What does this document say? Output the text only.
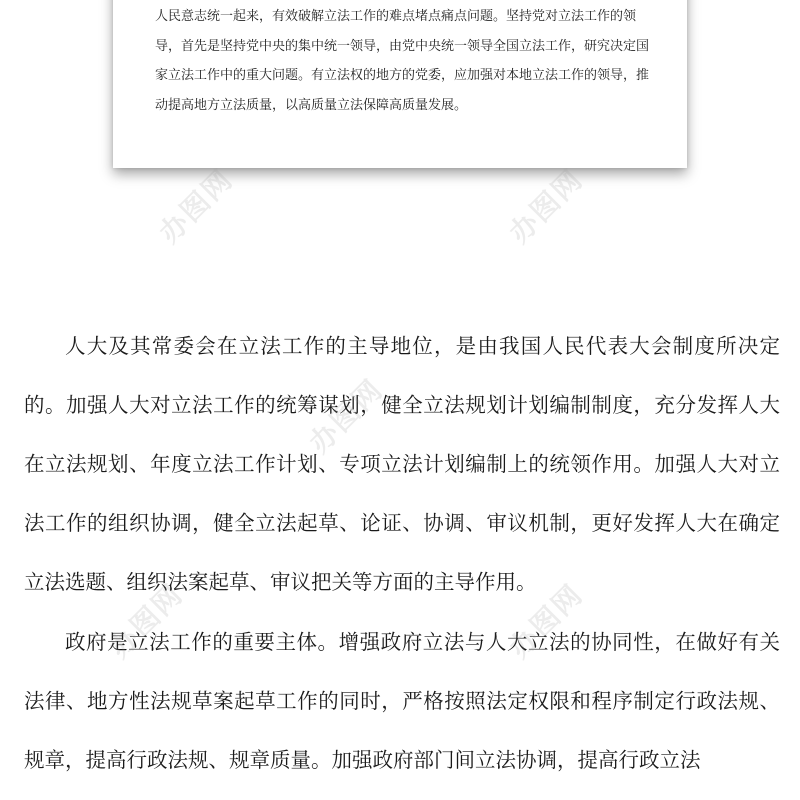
人民意志统一起来，有效破解立法工作的难点堵点痛点问题。坚持党对立法工作的领导，首先是坚持党中央的集中统一领导，由党中央统一领导全国立法工作，研究决定国家立法工作中的重大问题。有立法权的地方的党委，应加强对本地立法工作的领导，推动提高地方立法质量，以高质量立法保障高质量发展。

人大及其常委会在立法工作的主导地位，是由我国人民代表大会制度所决定的。加强人大对立法工作的统筹谋划，健全立法规划计划编制制度，充分发挥人大在立法规划、年度立法工作计划、专项立法计划编制上的统领作用。加强人大对立法工作的组织协调，健全立法起草、论证、协调、审议机制，更好发挥人大在确定立法选题、组织法案起草、审议把关等方面的主导作用。

政府是立法工作的重要主体。增强政府立法与人大立法的协同性，在做好有关法律、地方性法规草案起草工作的同时，严格按照法定权限和程序制定行政法规、规章，提高行政法规、规章质量。加强政府部门间立法协调，提高行政立法

办图网	办图网
办图网
办图网
办图网
